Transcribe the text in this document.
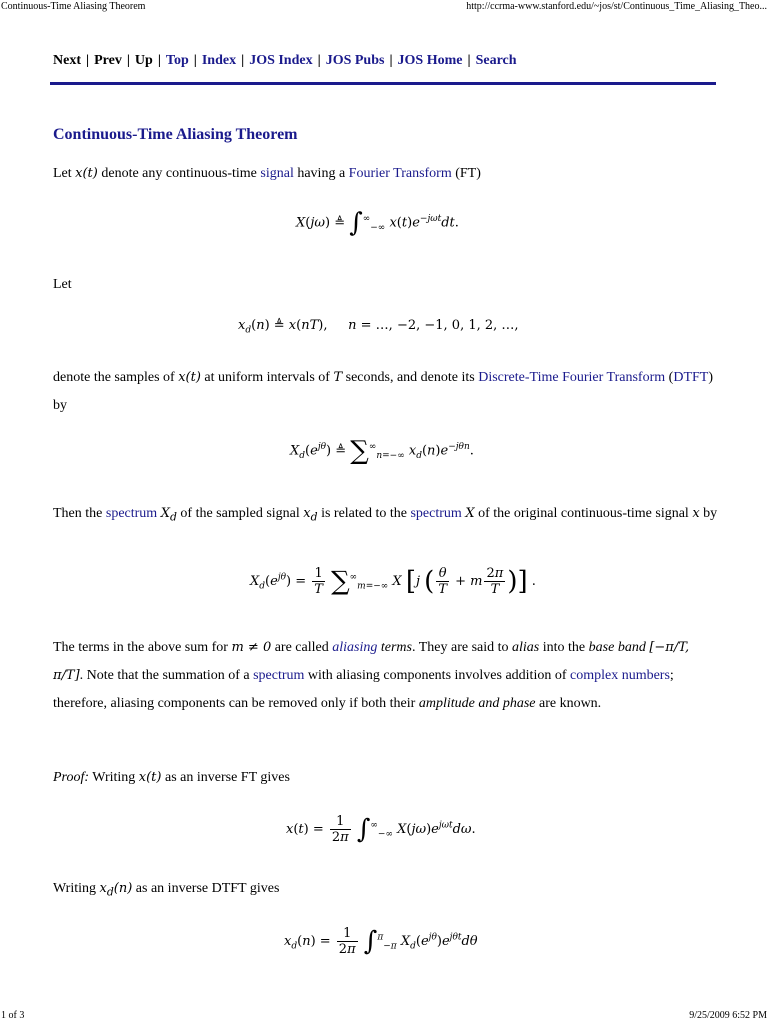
Continuous-Time Aliasing Theorem	http://ccrma-www.stanford.edu/~jos/st/Continuous_Time_Aliasing_Theo...
Next | Prev | Up | Top | Index | JOS Index | JOS Pubs | JOS Home | Search
Continuous-Time Aliasing Theorem
Let x(t) denote any continuous-time signal having a Fourier Transform (FT)
X(jω) ≜ $\int^\infty_{-\infty}$ $x(t)e^{-j\omega t}dt$.
Let
$x_d(n)$ ≜ x(nT),     n = …, −2, −1, 0, 1, 2, …,
denote the samples of x(t) at uniform intervals of T seconds, and denote its Discrete-Time Fourier Transform (DTFT) by
$X_d(e^{j\theta})$ ≜ $\sum^\infty_{n=-\infty}$ $x_d(n)e^{-j\theta n}$.
Then the spectrum $X_d$ of the sampled signal $x_d$ is related to the spectrum X of the original continuous-time signal x by
$X_d(e^{j\theta}) = \frac{1}{T} \sum^\infty_{m=-\infty}$ X [j ( $\frac{\theta}{T} + m \frac{2\pi}{T}$ )] .
The terms in the above sum for m ≠ 0 are called aliasing terms. They are said to alias into the base band [−π/T, π/T]. Note that the summation of a spectrum with aliasing components involves addition of complex numbers; therefore, aliasing components can be removed only if both their amplitude and phase are known.
Proof: Writing x(t) as an inverse FT gives
$x(t) = \frac{1}{2\pi} \int^\infty_{-\infty}$ $X(j\omega)e^{j\omega t}d\omega$.
Writing $x_d(n)$ as an inverse DTFT gives
$x_d(n) = \frac{1}{2\pi} \int^\pi_{-\pi}$ $X_d(e^{j\theta})e^{j\theta t}d\theta$
1 of 3	9/25/2009 6:52 PM
